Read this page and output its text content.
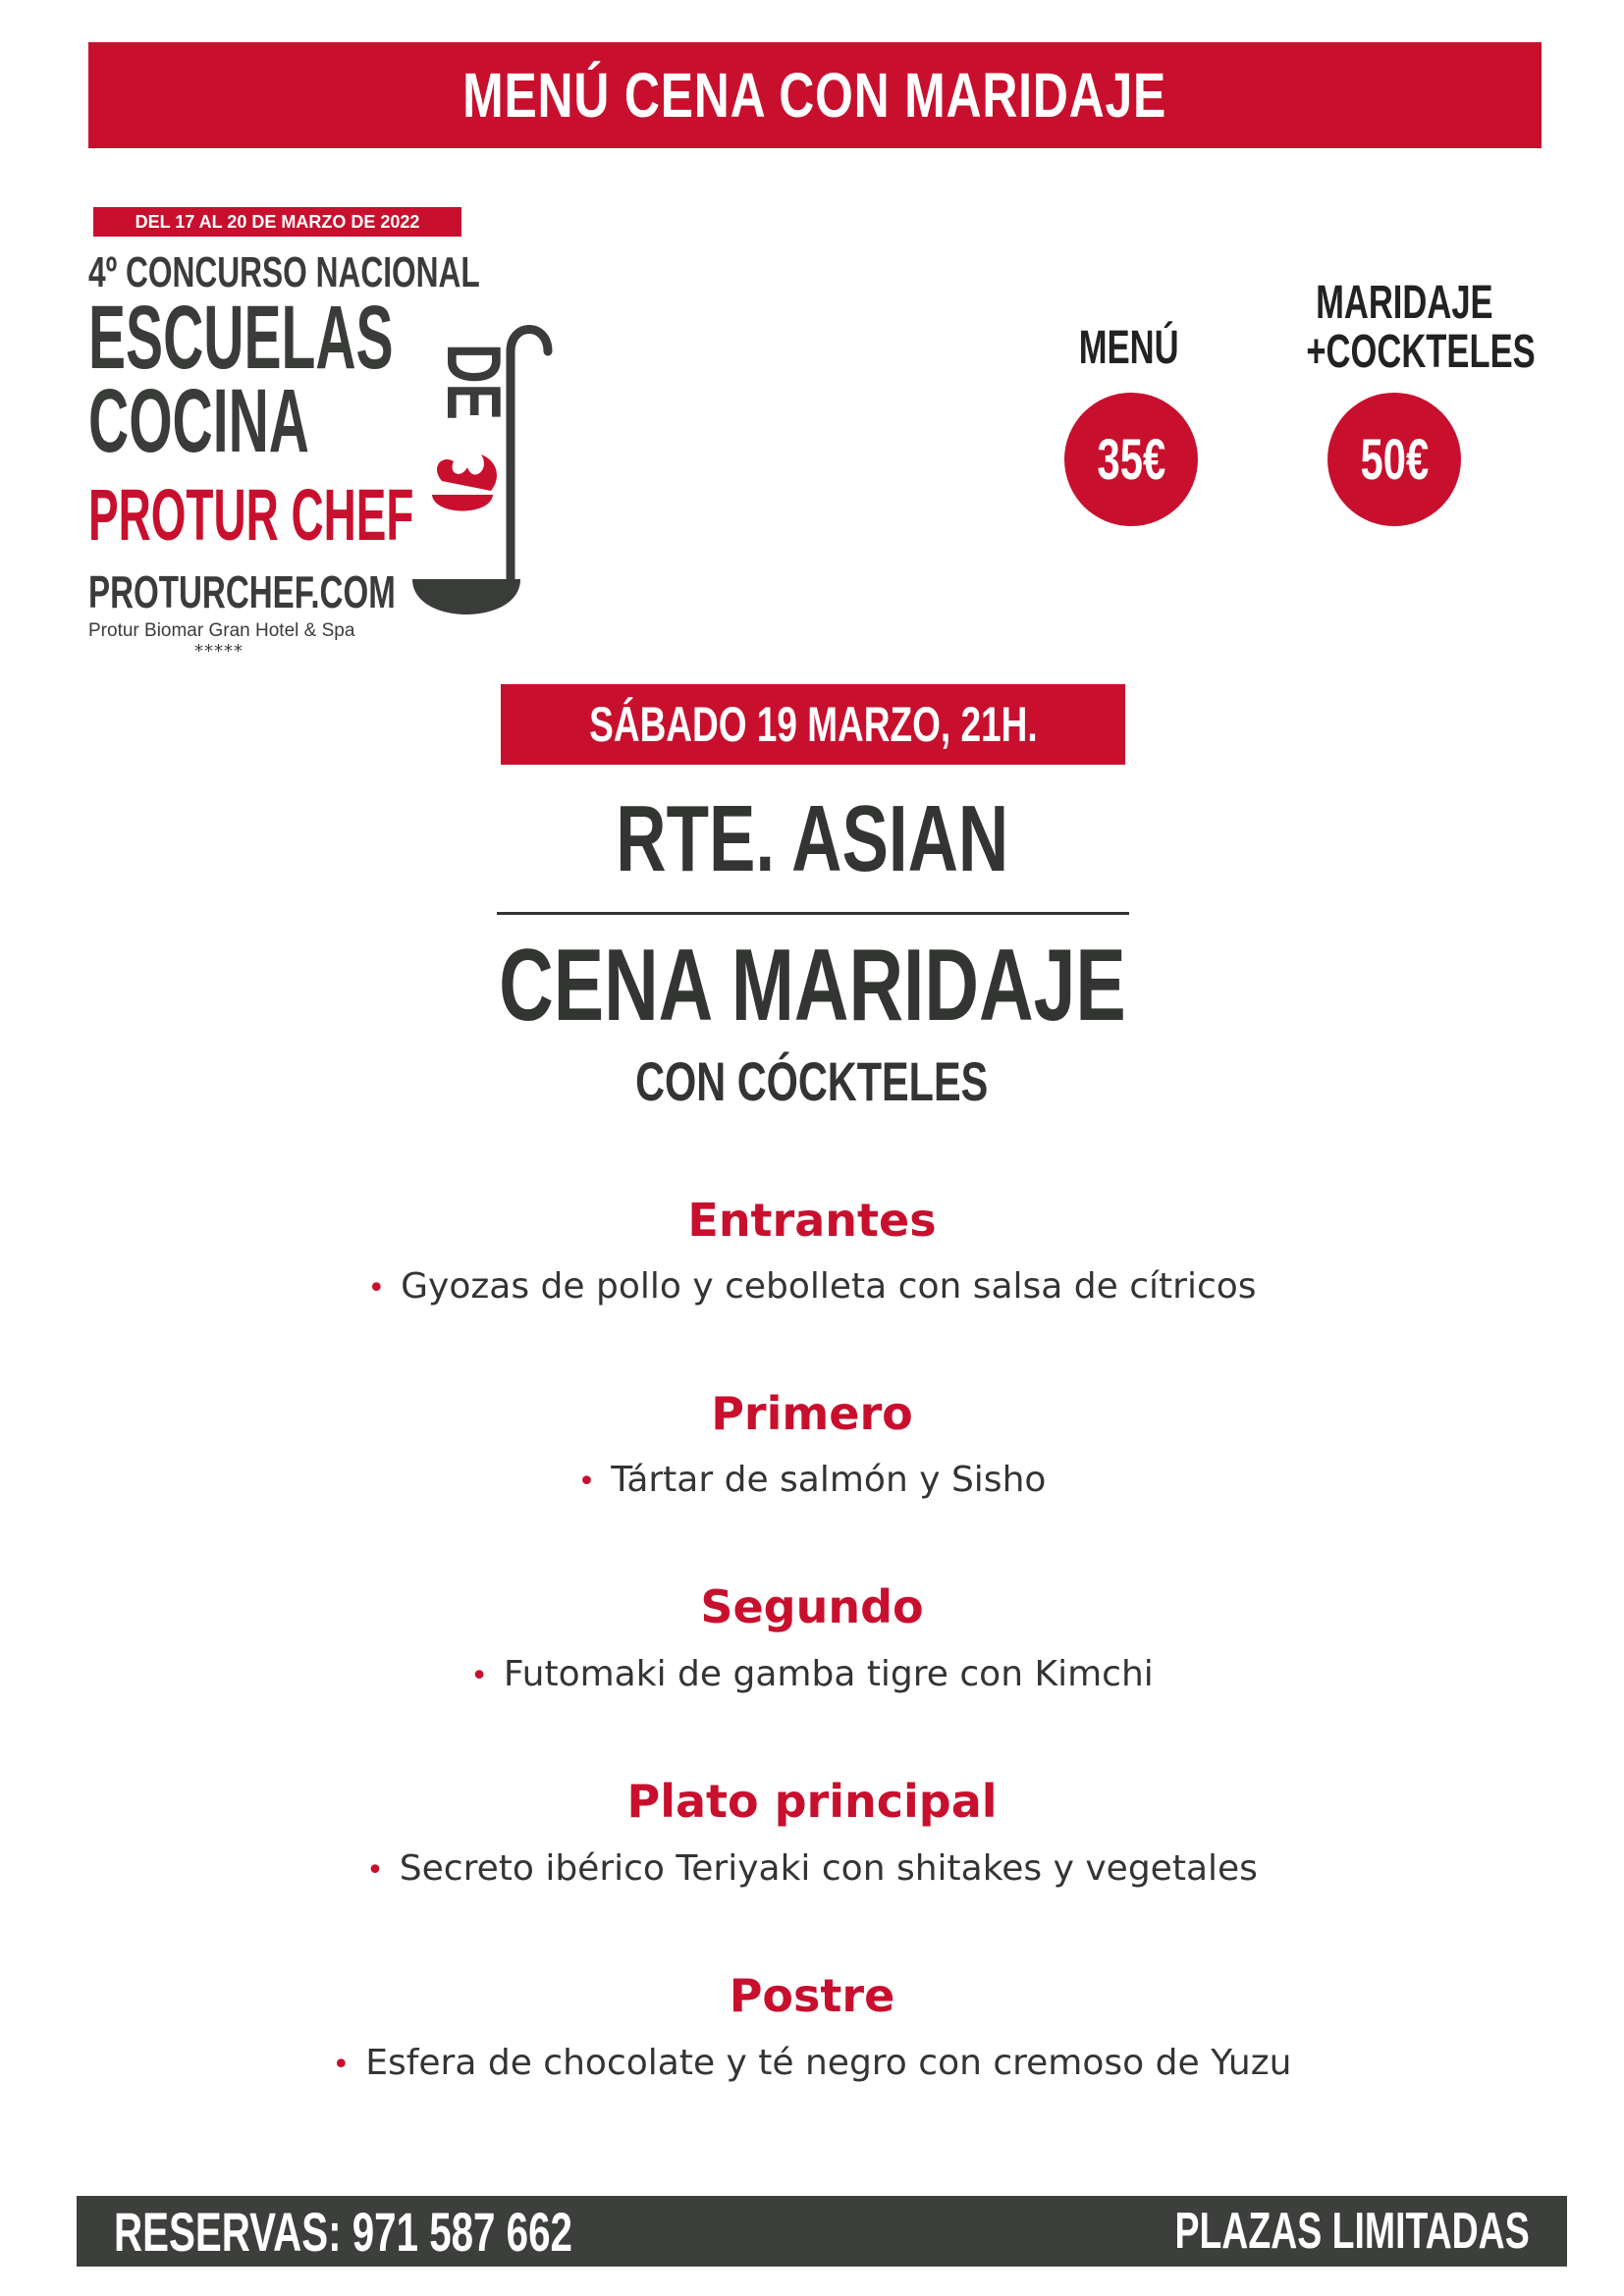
MENÚ CENA CON MARIDAJE
DEL 17 AL 20 DE MARZO DE 2022
4º CONCURSO NACIONAL
ESCUELAS
COCINA
PROTUR CHEF
PROTURCHEF.COM
Protur Biomar Gran Hotel & Spa
*****
DE	MENÚ
35€
MARIDAJE
+COCKTELES
50€
SÁBADO 19 MARZO, 21H.
RTE. ASIAN
CENA MARIDAJE
CON CÓCKTELES
Entrantes
• Gyozas de pollo y cebolleta con salsa de cítricos
Primero
• Tártar de salmón y Sisho
Segundo
• Futomaki de gamba tigre con Kimchi
Plato principal
• Secreto ibérico Teriyaki con shitakes y vegetales
Postre
• Esfera de chocolate y té negro con cremoso de Yuzu
RESERVAS: 971 587 662	PLAZAS LIMITADAS
